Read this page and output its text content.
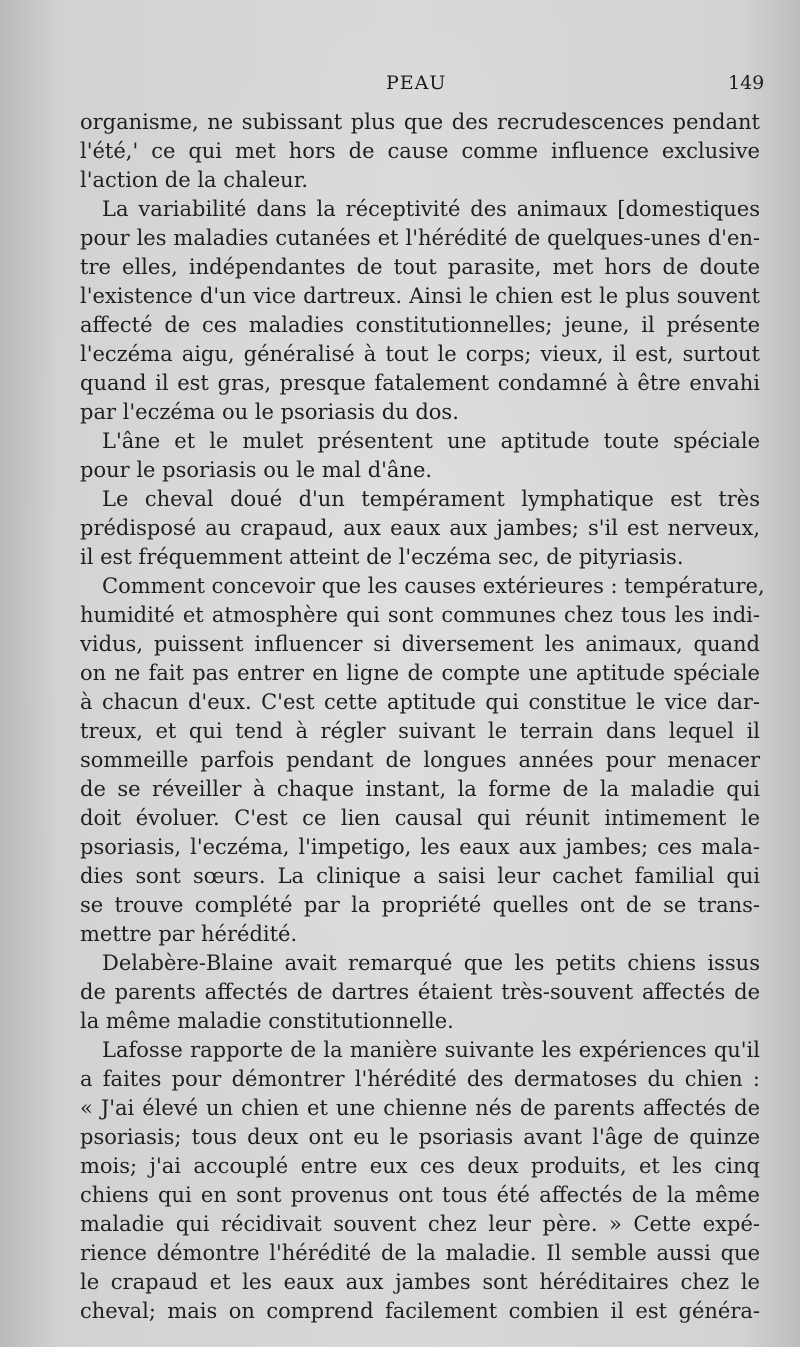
PEAU	149
organisme, ne subissant plus que des recrudescences pendant
l'été,' ce qui met hors de cause comme influence exclusive
l'action de la chaleur.
La variabilité dans la réceptivité des animaux [domestiques
pour les maladies cutanées et l'hérédité de quelques-unes d'en-
tre elles, indépendantes de tout parasite, met hors de doute
l'existence d'un vice dartreux. Ainsi le chien est le plus souvent
affecté de ces maladies constitutionnelles; jeune, il présente
l'eczéma aigu, généralisé à tout le corps; vieux, il est, surtout
quand il est gras, presque fatalement condamné à être envahi
par l'eczéma ou le psoriasis du dos.
L'âne et le mulet présentent une aptitude toute spéciale
pour le psoriasis ou le mal d'âne.
Le cheval doué d'un tempérament lymphatique est très
prédisposé au crapaud, aux eaux aux jambes; s'il est nerveux,
il est fréquemment atteint de l'eczéma sec, de pityriasis.
Comment concevoir que les causes extérieures : température,
humidité et atmosphère qui sont communes chez tous les indi-
vidus, puissent influencer si diversement les animaux, quand
on ne fait pas entrer en ligne de compte une aptitude spéciale
à chacun d'eux. C'est cette aptitude qui constitue le vice dar-
treux, et qui tend à régler suivant le terrain dans lequel il
sommeille parfois pendant de longues années pour menacer
de se réveiller à chaque instant, la forme de la maladie qui
doit évoluer. C'est ce lien causal qui réunit intimement le
psoriasis, l'eczéma, l'impetigo, les eaux aux jambes; ces mala-
dies sont sœurs. La clinique a saisi leur cachet familial qui
se trouve complété par la propriété quelles ont de se trans-
mettre par hérédité.
Delabère-Blaine avait remarqué que les petits chiens issus
de parents affectés de dartres étaient très-souvent affectés de
la même maladie constitutionnelle.
Lafosse rapporte de la manière suivante les expériences qu'il
a faites pour démontrer l'hérédité des dermatoses du chien :
« J'ai élevé un chien et une chienne nés de parents affectés de
psoriasis; tous deux ont eu le psoriasis avant l'âge de quinze
mois; j'ai accouplé entre eux ces deux produits, et les cinq
chiens qui en sont provenus ont tous été affectés de la même
maladie qui récidivait souvent chez leur père. » Cette expé-
rience démontre l'hérédité de la maladie. Il semble aussi que
le crapaud et les eaux aux jambes sont héréditaires chez le
cheval; mais on comprend facilement combien il est généra-
